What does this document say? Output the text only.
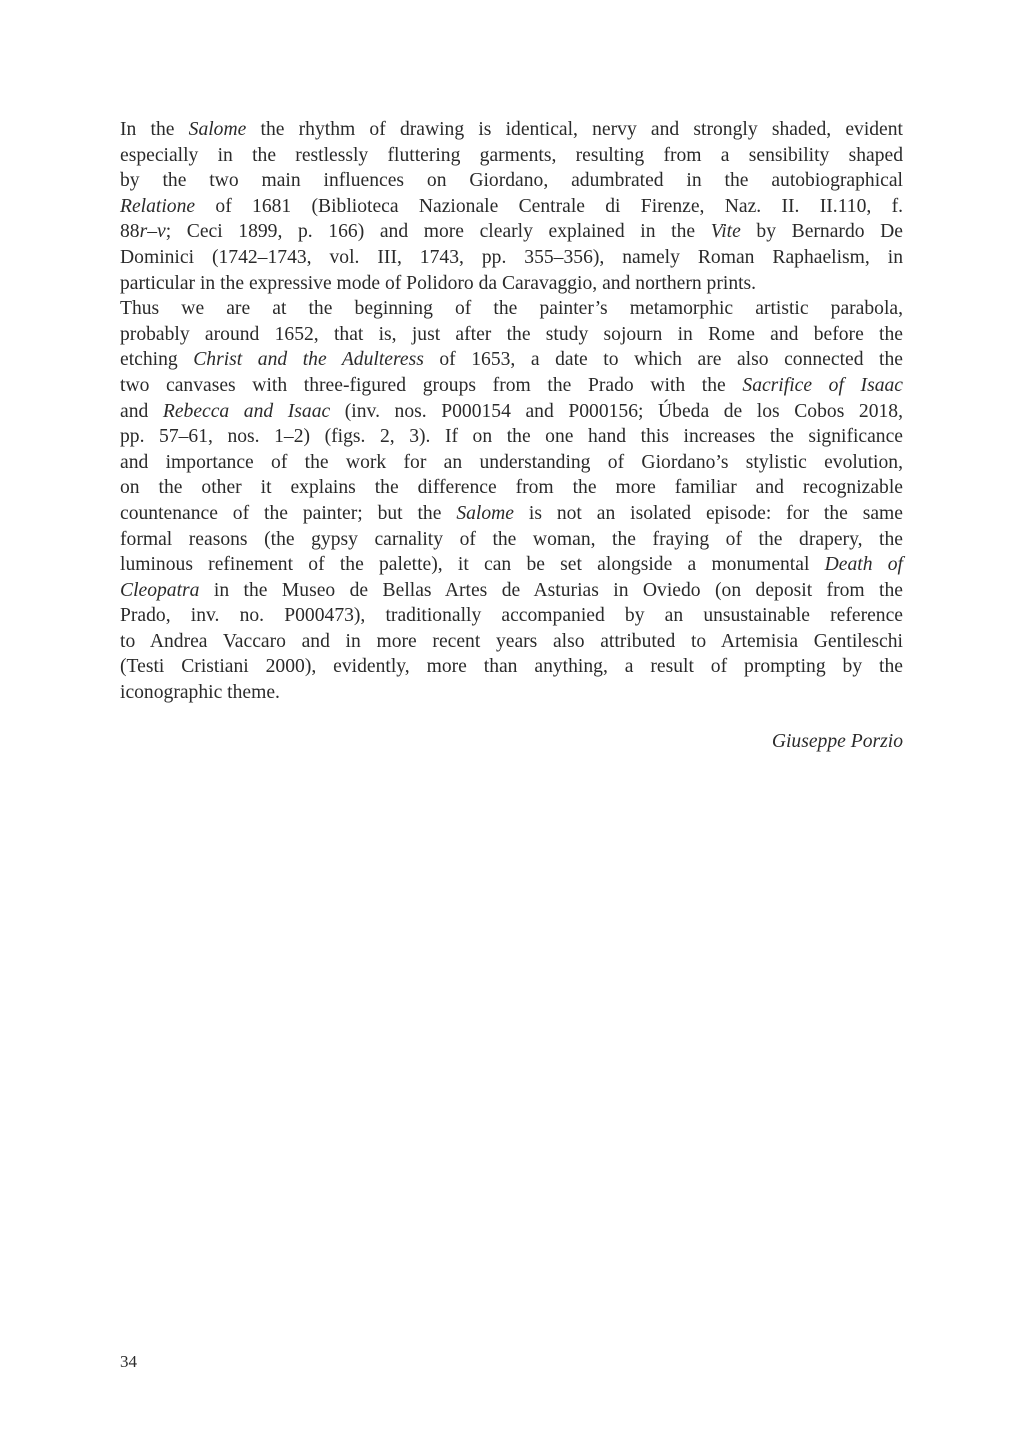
In the Salome the rhythm of drawing is identical, nervy and strongly shaded, evident
especially in the restlessly fluttering garments, resulting from a sensibility shaped
by the two main influences on Giordano, adumbrated in the autobiographical
Relatione of 1681 (Biblioteca Nazionale Centrale di Firenze, Naz. II. II.110, f.
88r–v; Ceci 1899, p. 166) and more clearly explained in the Vite by Bernardo De
Dominici (1742–1743, vol. III, 1743, pp. 355–356), namely Roman Raphaelism, in
particular in the expressive mode of Polidoro da Caravaggio, and northern prints.
Thus we are at the beginning of the painter’s metamorphic artistic parabola,
probably around 1652, that is, just after the study sojourn in Rome and before the
etching Christ and the Adulteress of 1653, a date to which are also connected the
two canvases with three-figured groups from the Prado with the Sacrifice of Isaac
and Rebecca and Isaac (inv. nos. P000154 and P000156; Úbeda de los Cobos 2018,
pp. 57–61, nos. 1–2) (figs. 2, 3). If on the one hand this increases the significance
and importance of the work for an understanding of Giordano’s stylistic evolution,
on the other it explains the difference from the more familiar and recognizable
countenance of the painter; but the Salome is not an isolated episode: for the same
formal reasons (the gypsy carnality of the woman, the fraying of the drapery, the
luminous refinement of the palette), it can be set alongside a monumental Death of
Cleopatra in the Museo de Bellas Artes de Asturias in Oviedo (on deposit from the
Prado, inv. no. P000473), traditionally accompanied by an unsustainable reference
to Andrea Vaccaro and in more recent years also attributed to Artemisia Gentileschi
(Testi Cristiani 2000), evidently, more than anything, a result of prompting by the
iconographic theme.
Giuseppe Porzio
34
